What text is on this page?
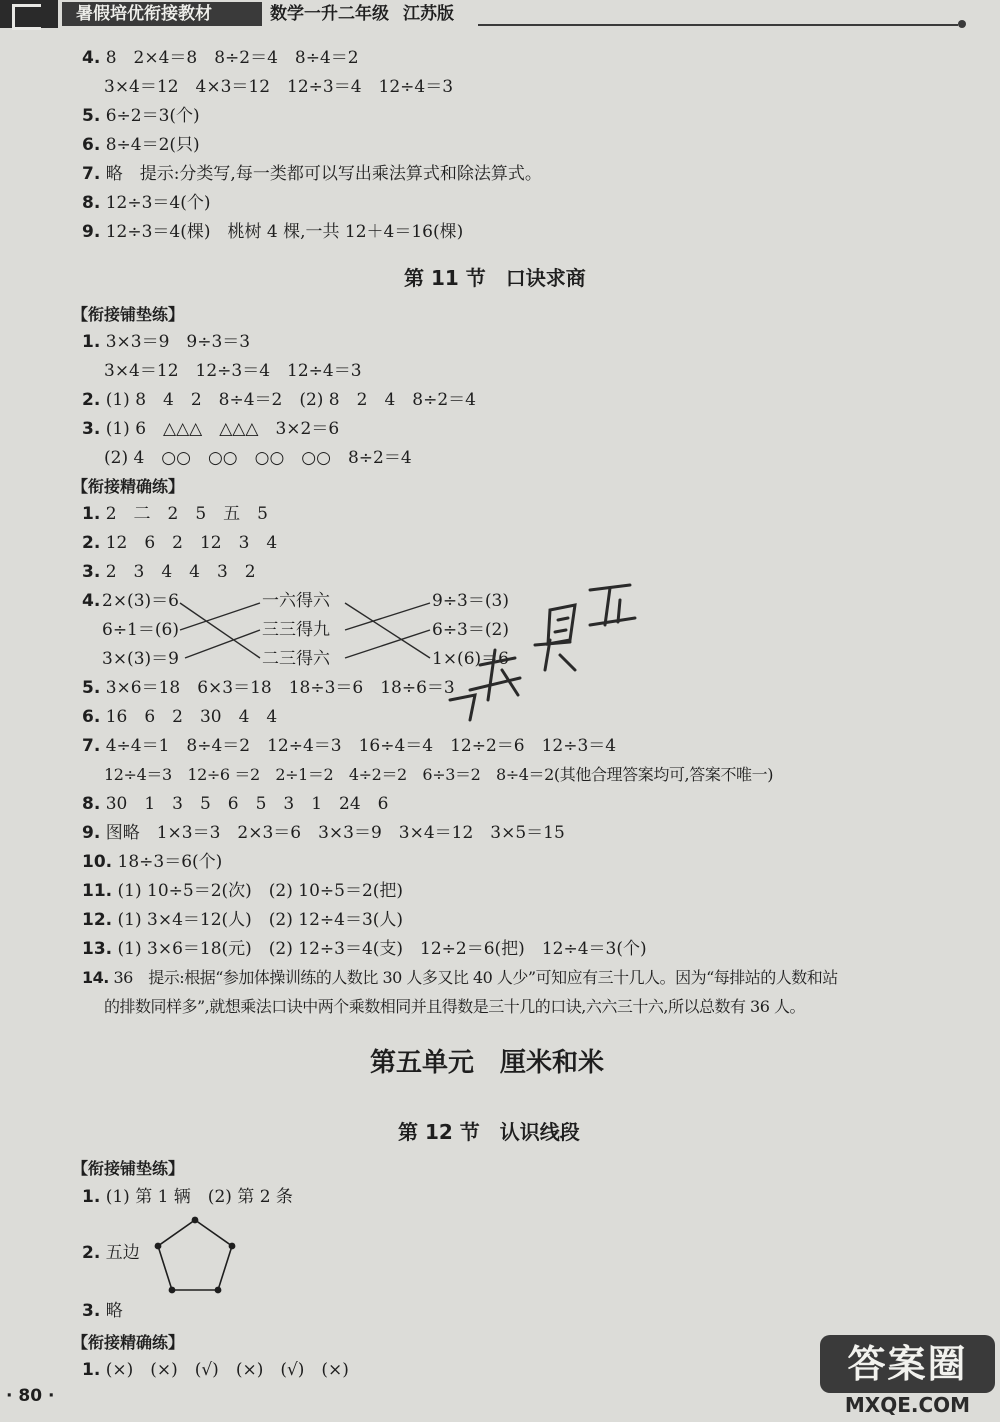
暑假培优衔接教材	数学一升二年级 江苏版
4. 8　2×4＝8　8÷2＝4　8÷4＝2
3×4＝12　4×3＝12　12÷3＝4　12÷4＝3
5. 6÷2＝3(个)
6. 8÷4＝2(只)
7. 略　提示:分类写,每一类都可以写出乘法算式和除法算式。
8. 12÷3＝4(个)
9. 12÷3＝4(棵)　桃树 4 棵,一共 12＋4＝16(棵)
第 11 节　口诀求商
【衔接铺垫练】
1. 3×3＝9　9÷3＝3
3×4＝12　12÷3＝4　12÷4＝3
2. (1) 8　4　2　8÷4＝2　(2) 8　2　4　8÷2＝4
3. (1) 6　△△△　△△△　3×2＝6
(2) 4　○○　○○　○○　○○　8÷2＝4
【衔接精确练】
1. 2　二　2　5　五　5
2. 12　6　2　12　3　4
3. 2　3　4　4　3　2
4. 2×(3)＝6
6÷1＝(6)
3×(3)＝9
一六得六
三三得九
二三得六
9÷3＝(3)
6÷3＝(2)
1×(6)＝6
5. 3×6＝18　6×3＝18　18÷3＝6　18÷6＝3
6. 16　6　2　30　4　4
7. 4÷4＝1　8÷4＝2　12÷4＝3　16÷4＝4　12÷2＝6　12÷3＝4
12÷4＝3　12÷6 ＝2　2÷1＝2　4÷2＝2　6÷3＝2　8÷4＝2(其他合理答案均可,答案不唯一)
8. 30　1　3　5　6　5　3　1　24　6
9. 图略　1×3＝3　2×3＝6　3×3＝9　3×4＝12　3×5＝15
10. 18÷3＝6(个)
11. (1) 10÷5＝2(次)　(2) 10÷5＝2(把)
12. (1) 3×4＝12(人)　(2) 12÷4＝3(人)
13. (1) 3×6＝18(元)　(2) 12÷3＝4(支)　12÷2＝6(把)　12÷4＝3(个)
14. 36　提示:根据“参加体操训练的人数比 30 人多又比 40 人少”可知应有三十几人。因为“每排站的人数和站
的排数同样多”,就想乘法口诀中两个乘数相同并且得数是三十几的口诀,六六三十六,所以总数有 36 人。
第五单元　厘米和米
第 12 节　认识线段
【衔接铺垫练】
1. (1) 第 1 辆　(2) 第 2 条
2. 五边
3. 略
【衔接精确练】
1. (×)　(×)　(√)　(×)　(√)　(×)
· 80 ·
答案圈
MXQE.COM
